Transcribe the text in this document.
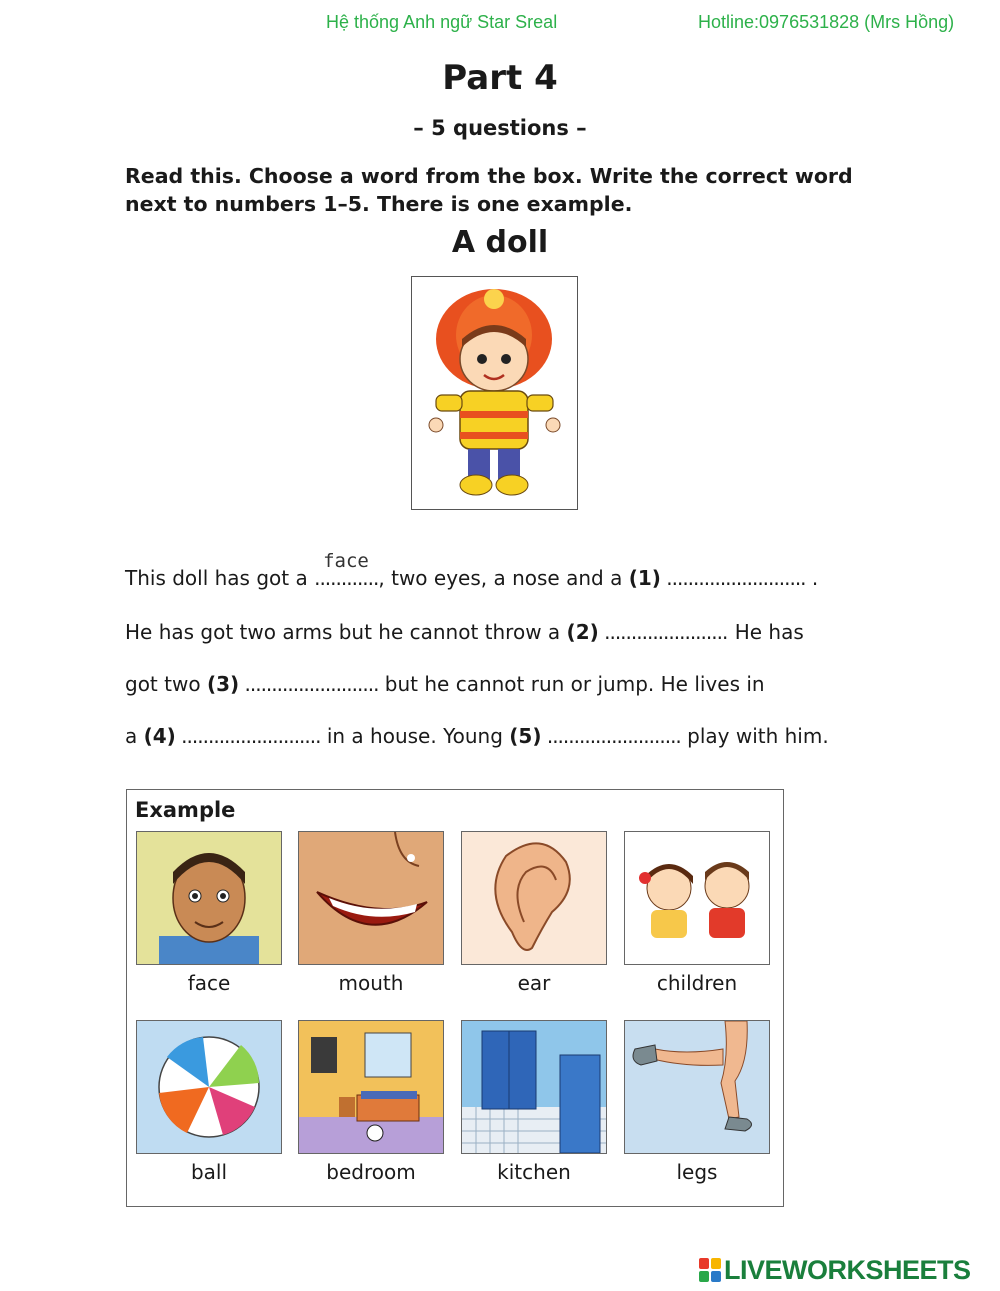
Hệ thống Anh ngữ Star Sreal	Hotline:0976531828 (Mrs Hồng)
Part 4
– 5 questions –
Read this. Choose a word from the box. Write the correct word next to numbers 1–5. There is one example.
A doll
This doll has got a
face
............, two eyes, a nose and a (1) .......................... .
He has got two arms but he cannot throw a (2) ....................... He has
got two (3) ......................... but he cannot run or jump. He lives in
a (4) .......................... in a house. Young (5) ......................... play with him.
Example
face	mouth	ear	children
ball	bedroom	kitchen	legs
LIVEWORKSHEETS
